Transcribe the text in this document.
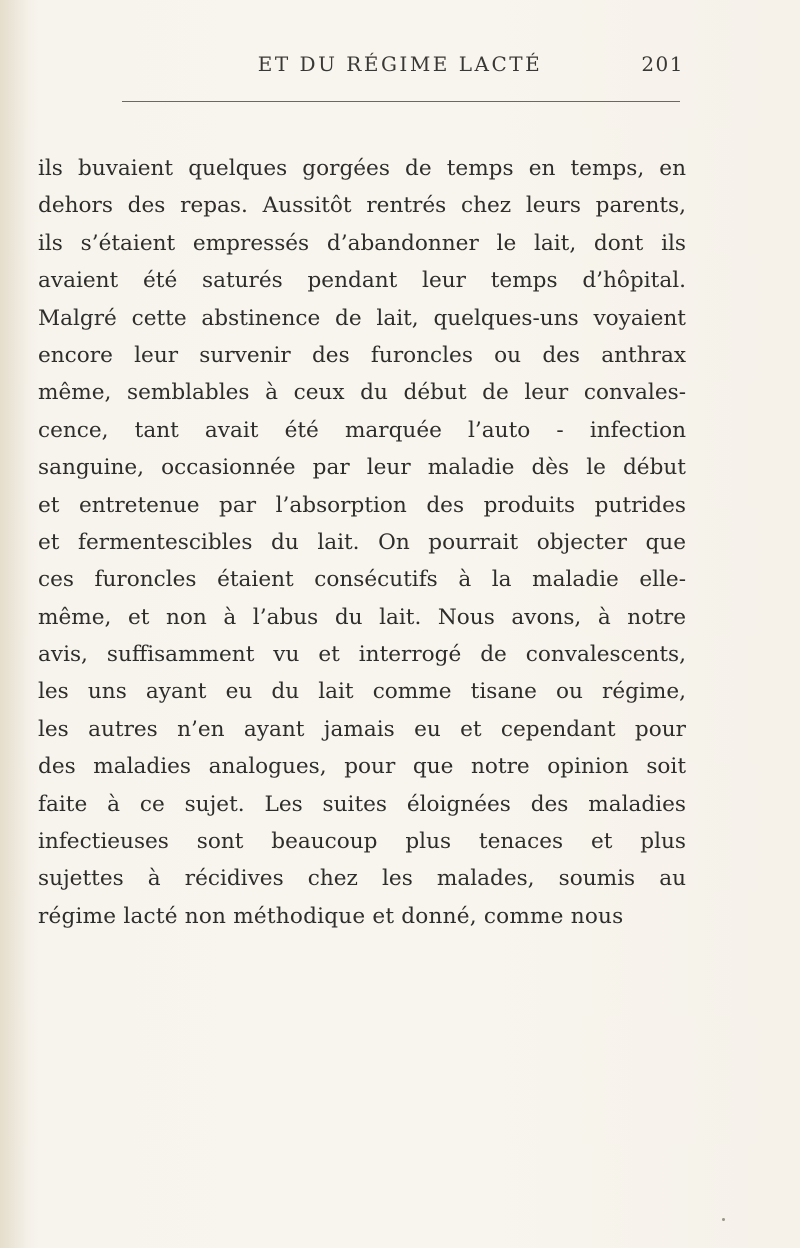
ET DU RÉGIME LACTÉ	201
ils buvaient quelques gorgées de temps en temps, en
dehors des repas. Aussitôt rentrés chez leurs parents,
ils s’étaient empressés d’abandonner le lait, dont ils
avaient été saturés pendant leur temps d’hôpital.
Malgré cette abstinence de lait, quelques-uns voyaient
encore leur survenir des furoncles ou des anthrax
même, semblables à ceux du début de leur convales-
cence, tant avait été marquée l’auto - infection
sanguine, occasionnée par leur maladie dès le début
et entretenue par l’absorption des produits putrides
et fermentescibles du lait. On pourrait objecter que
ces furoncles étaient consécutifs à la maladie elle-
même, et non à l’abus du lait. Nous avons, à notre
avis, suffisamment vu et interrogé de convalescents,
les uns ayant eu du lait comme tisane ou régime,
les autres n’en ayant jamais eu et cependant pour
des maladies analogues, pour que notre opinion soit
faite à ce sujet. Les suites éloignées des maladies
infectieuses sont beaucoup plus tenaces et plus
sujettes à récidives chez les malades, soumis au
régime lacté non méthodique et donné, comme nous
